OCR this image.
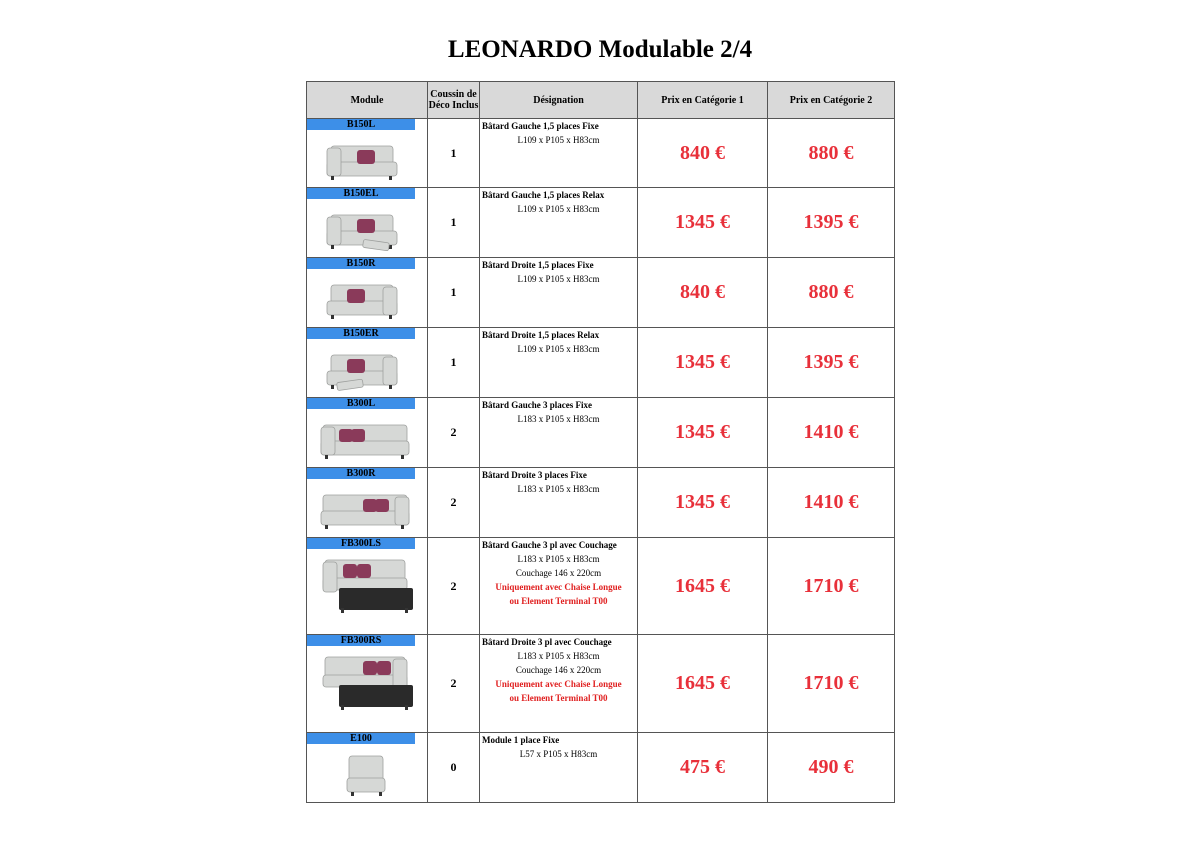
LEONARDO Modulable 2/4
Module	Coussin de Déco Inclus	Désignation	Prix en Catégorie 1	Prix en Catégorie 2

B150L	1	Bâtard Gauche 1,5 places Fixe
L109 x P105 x H83cm	840 €	880 €

B150EL	1	Bâtard Gauche 1,5 places Relax
L109 x P105 x H83cm	1345 €	1395 €

B150R	1	Bâtard Droite 1,5 places Fixe
L109 x P105 x H83cm	840 €	880 €

B150ER	1	Bâtard Droite 1,5 places Relax
L109 x P105 x H83cm	1345 €	1395 €

B300L	2	Bâtard Gauche 3 places Fixe
L183 x P105 x H83cm	1345 €	1410 €

B300R	2	Bâtard Droite 3 places Fixe
L183 x P105 x H83cm	1345 €	1410 €

FB300LS	2	Bâtard Gauche 3 pl avec Couchage
L183 x P105 x H83cm
Couchage 146 x 220cm
Uniquement avec Chaise Longue
ou Element Terminal T00	1645 €	1710 €

FB300RS	2	Bâtard Droite 3 pl avec Couchage
L183 x P105 x H83cm
Couchage 146 x 220cm
Uniquement avec Chaise Longue
ou Element Terminal T00	1645 €	1710 €

E100	0	Module 1 place Fixe
L57 x P105 x H83cm	475 €	490 €
